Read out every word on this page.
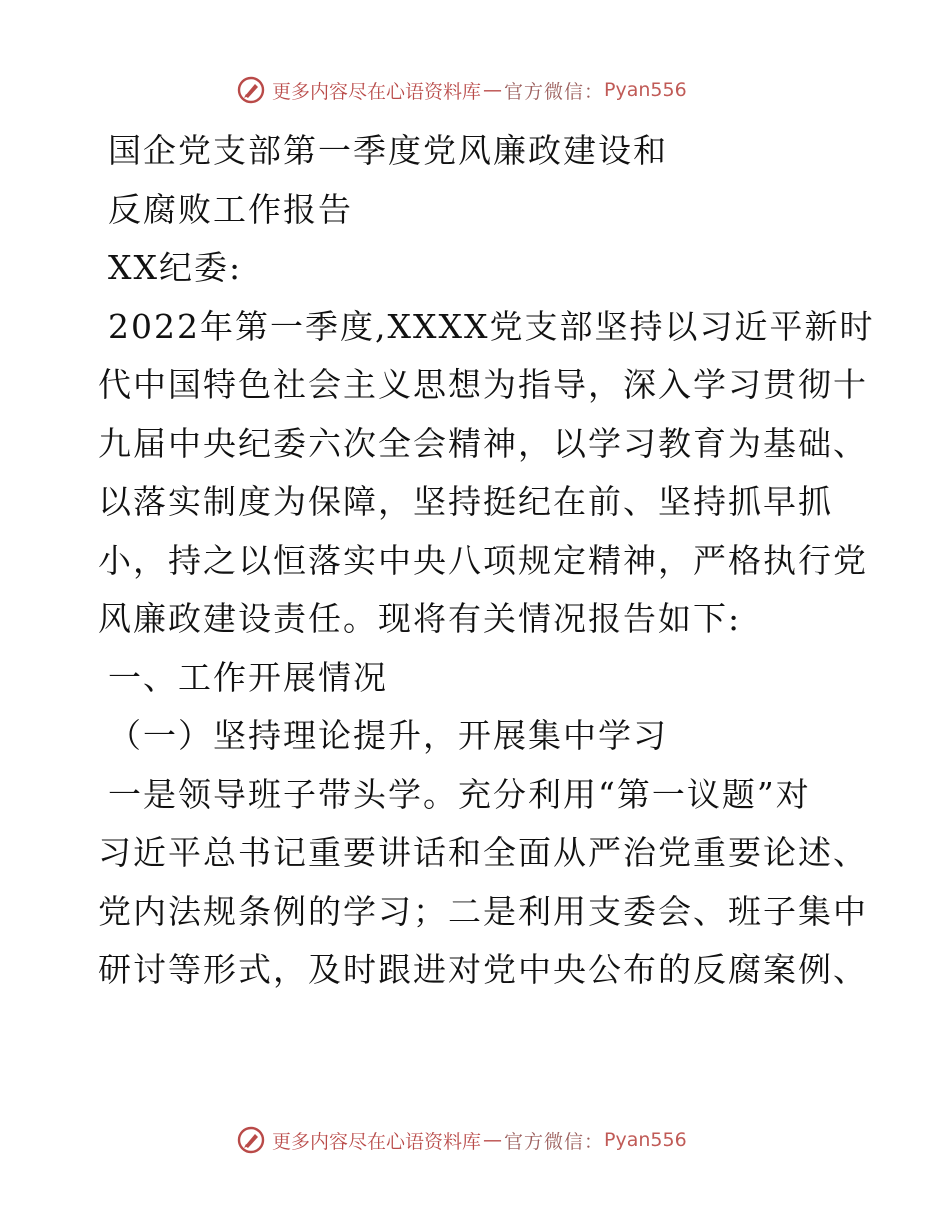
更多内容尽在心语资料库 — 官方微信： Pyan556
国企党支部第一季度党风廉政建设和
反腐败工作报告
XX纪委:
2022年第一季度,XXXX党支部坚持以习近平新时
代中国特色社会主义思想为指导，深入学习贯彻十
九届中央纪委六次全会精神，以学习教育为基础、
以落实制度为保障，坚持挺纪在前、坚持抓早抓
小，持之以恒落实中央八项规定精神，严格执行党
风廉政建设责任。现将有关情况报告如下:
一、工作开展情况
（一）坚持理论提升，开展集中学习
一是领导班子带头学。充分利用“第一议题”对
习近平总书记重要讲话和全面从严治党重要论述、
党内法规条例的学习；二是利用支委会、班子集中
研讨等形式，及时跟进对党中央公布的反腐案例、
更多内容尽在心语资料库 — 官方微信： Pyan556
